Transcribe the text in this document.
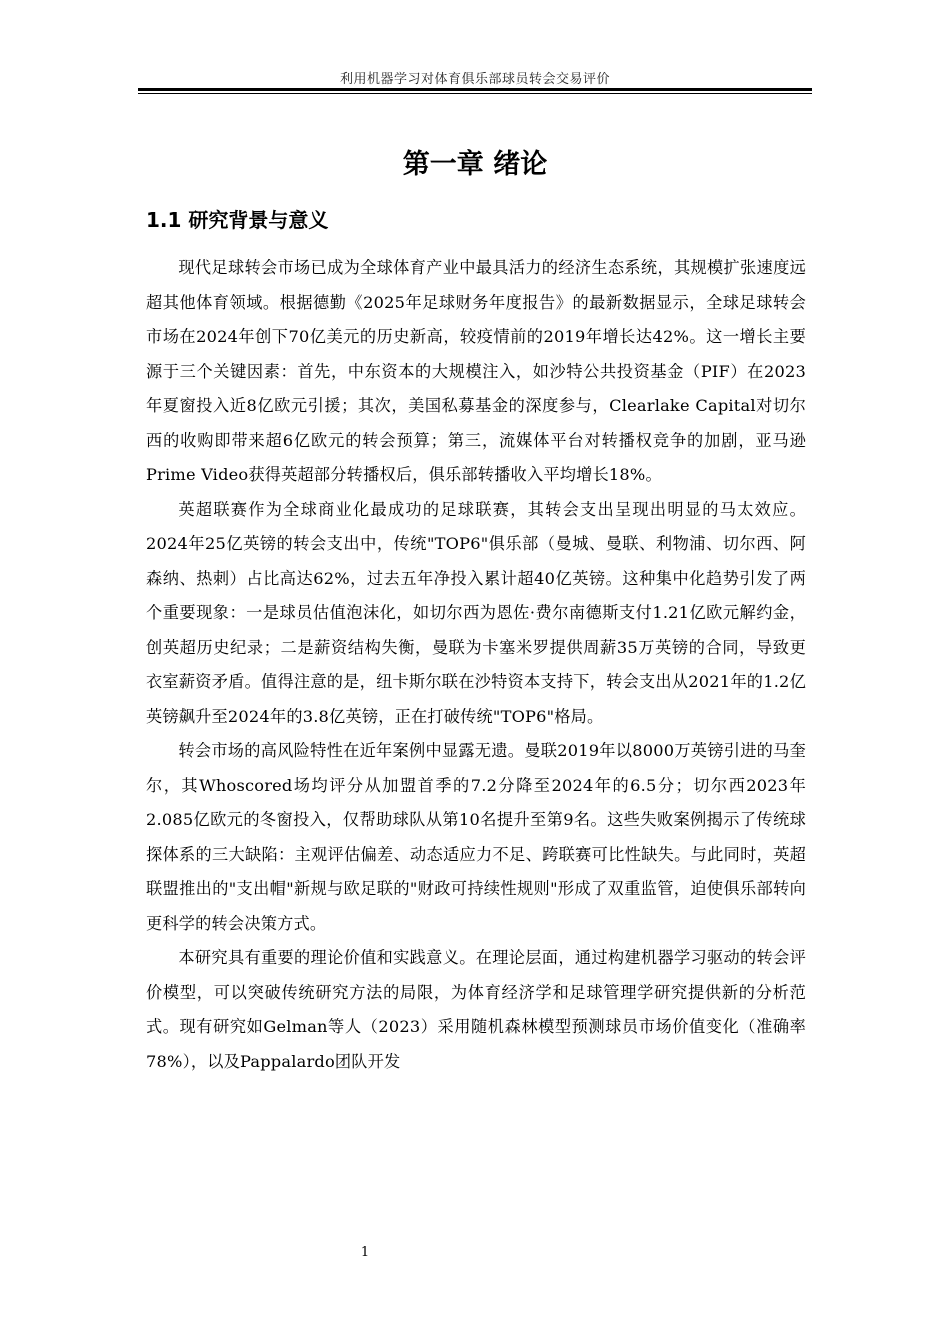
利用机器学习对体育俱乐部球员转会交易评价
第一章 绪论
1.1 研究背景与意义

现代足球转会市场已成为全球体育产业中最具活力的经济生态系统，其规模扩张速度远超其他体育领域。根据德勤《2025年足球财务年度报告》的最新数据显示，全球足球转会市场在2024年创下70亿美元的历史新高，较疫情前的2019年增长达42%。这一增长主要源于三个关键因素：首先，中东资本的大规模注入，如沙特公共投资基金（PIF）在2023年夏窗投入近8亿欧元引援；其次，美国私募基金的深度参与，Clearlake Capital对切尔西的收购即带来超6亿欧元的转会预算；第三，流媒体平台对转播权竞争的加剧，亚马逊Prime Video获得英超部分转播权后，俱乐部转播收入平均增长18%。

英超联赛作为全球商业化最成功的足球联赛，其转会支出呈现出明显的马太效应。2024年25亿英镑的转会支出中，传统"TOP6"俱乐部（曼城、曼联、利物浦、切尔西、阿森纳、热刺）占比高达62%，过去五年净投入累计超40亿英镑。这种集中化趋势引发了两个重要现象：一是球员估值泡沫化，如切尔西为恩佐·费尔南德斯支付1.21亿欧元解约金，创英超历史纪录；二是薪资结构失衡，曼联为卡塞米罗提供周薪35万英镑的合同，导致更衣室薪资矛盾。值得注意的是，纽卡斯尔联在沙特资本支持下，转会支出从2021年的1.2亿英镑飙升至2024年的3.8亿英镑，正在打破传统"TOP6"格局。

转会市场的高风险特性在近年案例中显露无遗。曼联2019年以8000万英镑引进的马奎尔，其Whoscored场均评分从加盟首季的7.2分降至2024年的6.5分；切尔西2023年2.085亿欧元的冬窗投入，仅帮助球队从第10名提升至第9名。这些失败案例揭示了传统球探体系的三大缺陷：主观评估偏差、动态适应力不足、跨联赛可比性缺失。与此同时，英超联盟推出的"支出帽"新规与欧足联的"财政可持续性规则"形成了双重监管，迫使俱乐部转向更科学的转会决策方式。

本研究具有重要的理论价值和实践意义。在理论层面，通过构建机器学习驱动的转会评价模型，可以突破传统研究方法的局限，为体育经济学和足球管理学研究提供新的分析范式。现有研究如Gelman等人（2023）采用随机森林模型预测球员市场价值变化（准确率78%），以及Pappalardo团队开发

1
